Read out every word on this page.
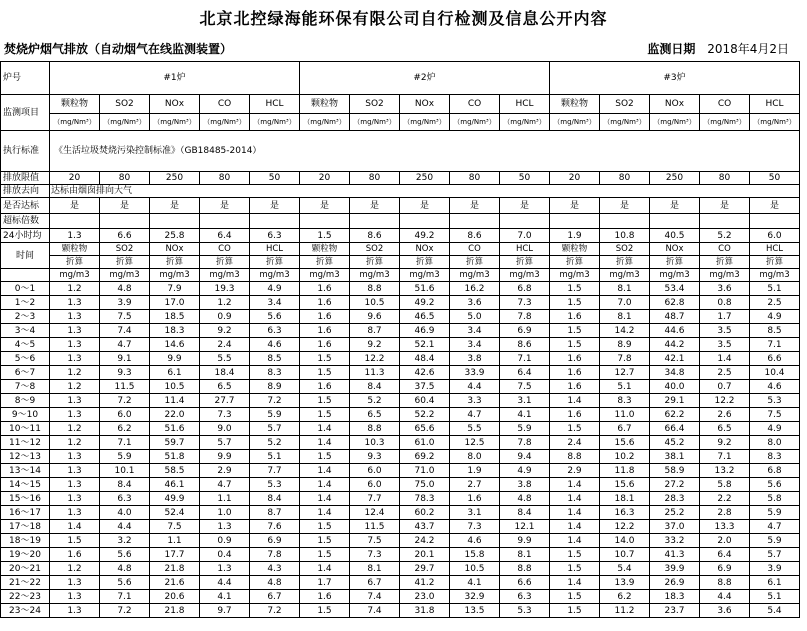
北京北控绿海能环保有限公司自行检测及信息公开内容
焚烧炉烟气排放（自动烟气在线监测装置）	监测日期 2018年4月2日
炉号	#1炉					#2炉					#3炉				
监测项目	颗粒物	SO2	NOx	CO	HCL	颗粒物	SO2	NOx	CO	HCL	颗粒物	SO2	NOx	CO	HCL
	（mg/Nm³）	（mg/Nm³）	（mg/Nm³）	（mg/Nm³）	（mg/Nm³）	（mg/Nm³）	（mg/Nm³）	（mg/Nm³）	（mg/Nm³）	（mg/Nm³）	（mg/Nm³）	（mg/Nm³）	（mg/Nm³）	（mg/Nm³）	（mg/Nm³）
执行标准	《生活垃圾焚烧污染控制标准》（GB18485-2014）														
排放限值	20	80	250	80	50	20	80	250	80	50	20	80	250	80	50
排放去向	达标由烟囱排向大气														
是否达标	是	是	是	是	是	是	是	是	是	是	是	是	是	是	是
超标倍数															
24小时均	1.3	6.6	25.8	6.4	6.3	1.5	8.6	49.2	8.6	7.0	1.9	10.8	40.5	5.2	6.0
时间	颗粒物	SO2	NOx	CO	HCL	颗粒物	SO2	NOx	CO	HCL	颗粒物	SO2	NOx	CO	HCL
	折算	折算	折算	折算	折算	折算	折算	折算	折算	折算	折算	折算	折算	折算	折算
	mg/m3	mg/m3	mg/m3	mg/m3	mg/m3	mg/m3	mg/m3	mg/m3	mg/m3	mg/m3	mg/m3	mg/m3	mg/m3	mg/m3	mg/m3
0～1	1.2	4.8	7.9	19.3	4.9	1.6	8.8	51.6	16.2	6.8	1.5	8.1	53.4	3.6	5.1
1～2	1.3	3.9	17.0	1.2	3.4	1.6	10.5	49.2	3.6	7.3	1.5	7.0	62.8	0.8	2.5
2～3	1.3	7.5	18.5	0.9	5.6	1.6	9.6	46.5	5.0	7.8	1.6	8.1	48.7	1.7	4.9
3～4	1.3	7.4	18.3	9.2	6.3	1.6	8.7	46.9	3.4	6.9	1.5	14.2	44.6	3.5	8.5
4～5	1.3	4.7	14.6	2.4	4.6	1.6	9.2	52.1	3.4	8.6	1.5	8.9	44.2	3.5	7.1
5～6	1.3	9.1	9.9	5.5	8.5	1.5	12.2	48.4	3.8	7.1	1.6	7.8	42.1	1.4	6.6
6～7	1.2	9.3	6.1	18.4	8.3	1.5	11.3	42.6	33.9	6.4	1.6	12.7	34.8	2.5	10.4
7～8	1.2	11.5	10.5	6.5	8.9	1.6	8.4	37.5	4.4	7.5	1.6	5.1	40.0	0.7	4.6
8～9	1.3	7.2	11.4	27.7	7.2	1.5	5.2	60.4	3.3	3.1	1.4	8.3	29.1	12.2	5.3
9～10	1.3	6.0	22.0	7.3	5.9	1.5	6.5	52.2	4.7	4.1	1.6	11.0	62.2	2.6	7.5
10～11	1.2	6.2	51.6	9.0	5.7	1.4	8.8	65.6	5.5	5.9	1.5	6.7	66.4	6.5	4.9
11～12	1.2	7.1	59.7	5.7	5.2	1.4	10.3	61.0	12.5	7.8	2.4	15.6	45.2	9.2	8.0
12～13	1.3	5.9	51.8	9.9	5.1	1.5	9.3	69.2	8.0	9.4	8.8	10.2	38.1	7.1	8.3
13～14	1.3	10.1	58.5	2.9	7.7	1.4	6.0	71.0	1.9	4.9	2.9	11.8	58.9	13.2	6.8
14～15	1.3	8.4	46.1	4.7	5.3	1.4	6.0	75.0	2.7	3.8	1.4	15.6	27.2	5.8	5.6
15～16	1.3	6.3	49.9	1.1	8.4	1.4	7.7	78.3	1.6	4.8	1.4	18.1	28.3	2.2	5.8
16～17	1.3	4.0	52.4	1.0	8.7	1.4	12.4	60.2	3.1	8.4	1.4	16.3	25.2	2.8	5.9
17～18	1.4	4.4	7.5	1.3	7.6	1.5	11.5	43.7	7.3	12.1	1.4	12.2	37.0	13.3	4.7
18～19	1.5	3.2	1.1	0.9	6.9	1.5	7.5	24.2	4.6	9.9	1.4	14.0	33.2	2.0	5.9
19～20	1.6	5.6	17.7	0.4	7.8	1.5	7.3	20.1	15.8	8.1	1.5	10.7	41.3	6.4	5.7
20～21	1.2	4.8	21.8	1.3	4.3	1.4	8.1	29.7	10.5	8.8	1.5	5.4	39.9	6.9	3.9
21～22	1.3	5.6	21.6	4.4	4.8	1.7	6.7	41.2	4.1	6.6	1.4	13.9	26.9	8.8	6.1
22～23	1.3	7.1	20.6	4.1	6.7	1.6	7.4	23.0	32.9	6.3	1.5	6.2	18.3	4.4	5.1
23～24	1.3	7.2	21.8	9.7	7.2	1.5	7.4	31.8	13.5	5.3	1.5	11.2	23.7	3.6	5.4
